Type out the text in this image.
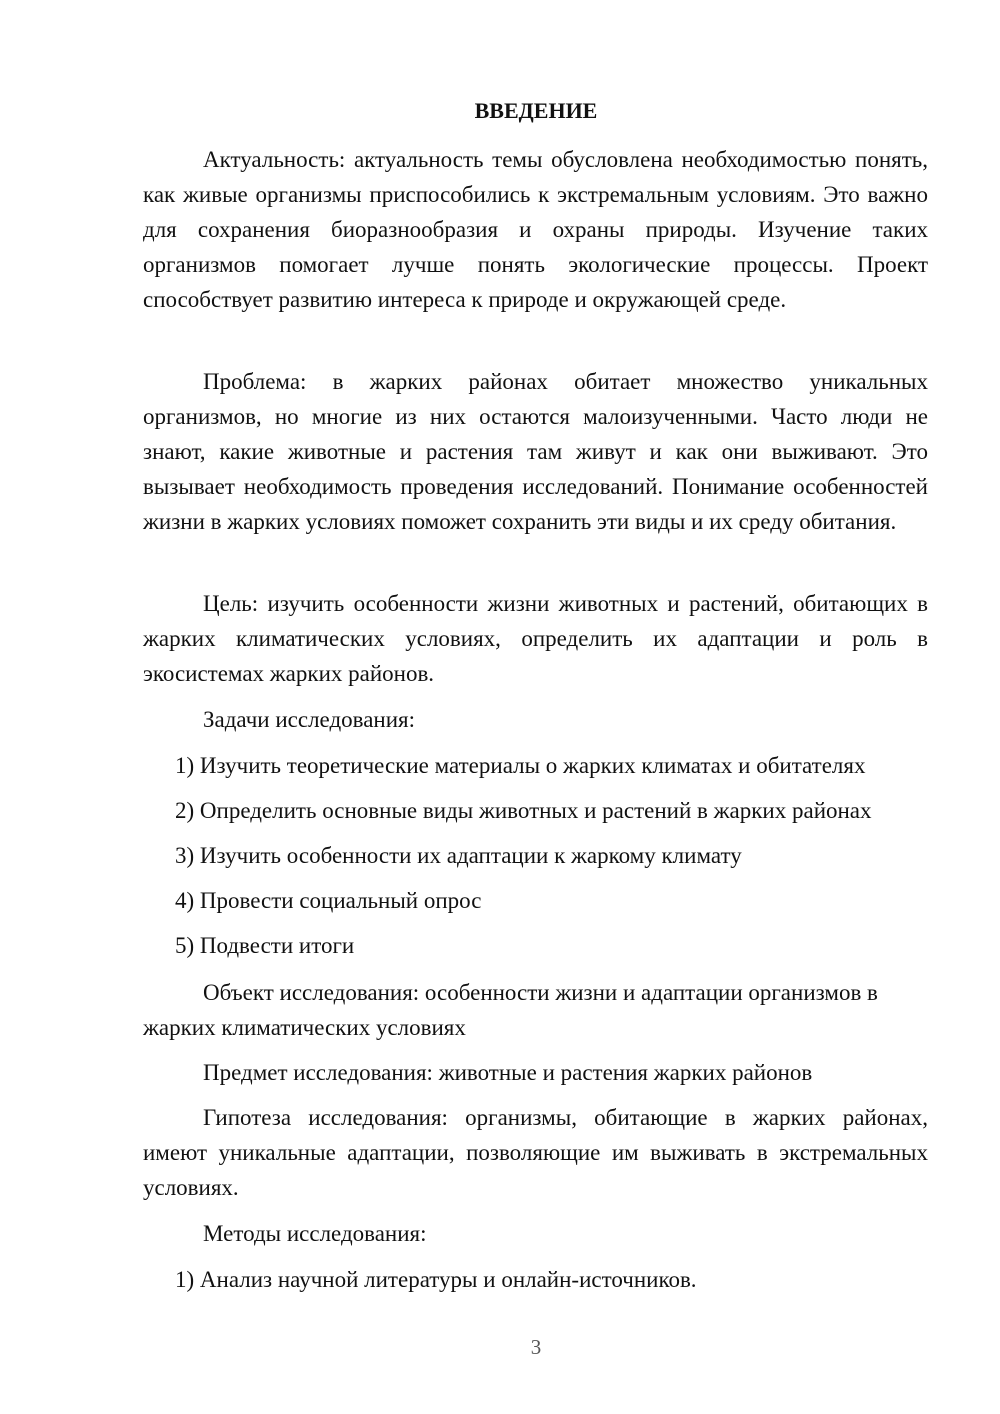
ВВЕДЕНИЕ

Актуальность: актуальность темы обусловлена необходимостью понять, как живые организмы приспособились к экстремальным условиям. Это важно для сохранения биоразнообразия и охраны природы. Изучение таких организмов помогает лучше понять экологические процессы. Проект способствует развитию интереса к природе и окружающей среде.

Проблема: в жарких районах обитает множество уникальных организмов, но многие из них остаются малоизученными. Часто люди не знают, какие животные и растения там живут и как они выживают. Это вызывает необходимость проведения исследований. Понимание особенностей жизни в жарких условиях поможет сохранить эти виды и их среду обитания.

Цель: изучить особенности жизни животных и растений, обитающих в жарких климатических условиях, определить их адаптации и роль в экосистемах жарких районов.

Задачи исследования:

1) Изучить теоретические материалы о жарких климатах и обитателях

2) Определить основные виды животных и растений в жарких районах

3) Изучить особенности их адаптации к жаркому климату

4) Провести социальный опрос

5) Подвести итоги

Объект исследования: особенности жизни и адаптации организмов в жарких климатических условиях

Предмет исследования: животные и растения жарких районов

Гипотеза исследования: организмы, обитающие в жарких районах, имеют уникальные адаптации, позволяющие им выживать в экстремальных условиях.

Методы исследования:

1) Анализ научной литературы и онлайн-источников.

3
